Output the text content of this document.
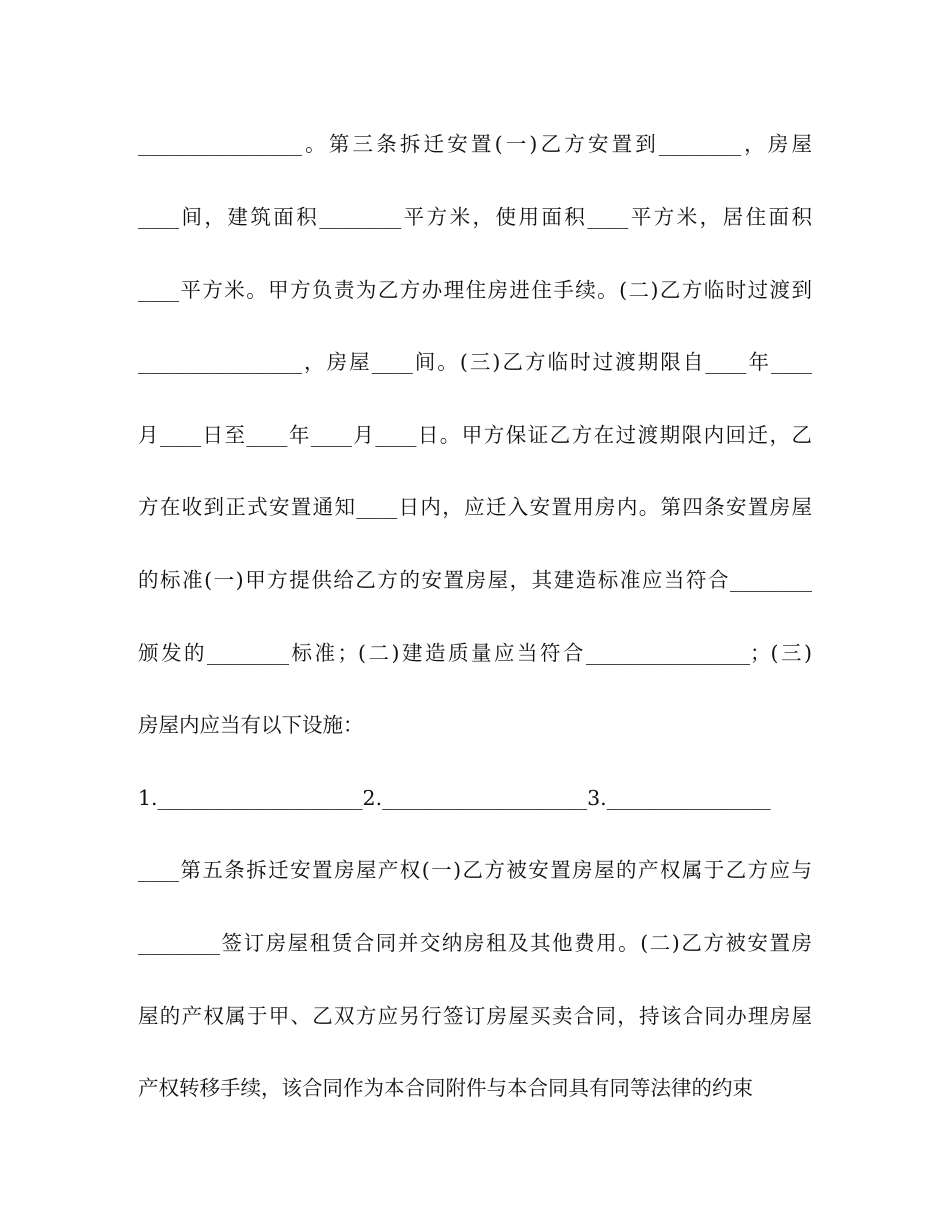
________________。第三条拆迁安置(一)乙方安置到________，房屋
____间，建筑面积________平方米，使用面积____平方米，居住面积
____平方米。甲方负责为乙方办理住房进住手续。(二)乙方临时过渡到
________________，房屋____间。(三)乙方临时过渡期限自____年____
月____日至____年____月____日。甲方保证乙方在过渡期限内回迁，乙
方在收到正式安置通知____日内，应迁入安置用房内。第四条安置房屋
的标准(一)甲方提供给乙方的安置房屋，其建造标准应当符合________
颁发的________标准；(二)建造质量应当符合________________；(三)
房屋内应当有以下设施：
1.____________________2.____________________3.________________
____第五条拆迁安置房屋产权(一)乙方被安置房屋的产权属于乙方应与
________签订房屋租赁合同并交纳房租及其他费用。(二)乙方被安置房
屋的产权属于甲、乙双方应另行签订房屋买卖合同，持该合同办理房屋
产权转移手续，该合同作为本合同附件与本合同具有同等法律的约束
